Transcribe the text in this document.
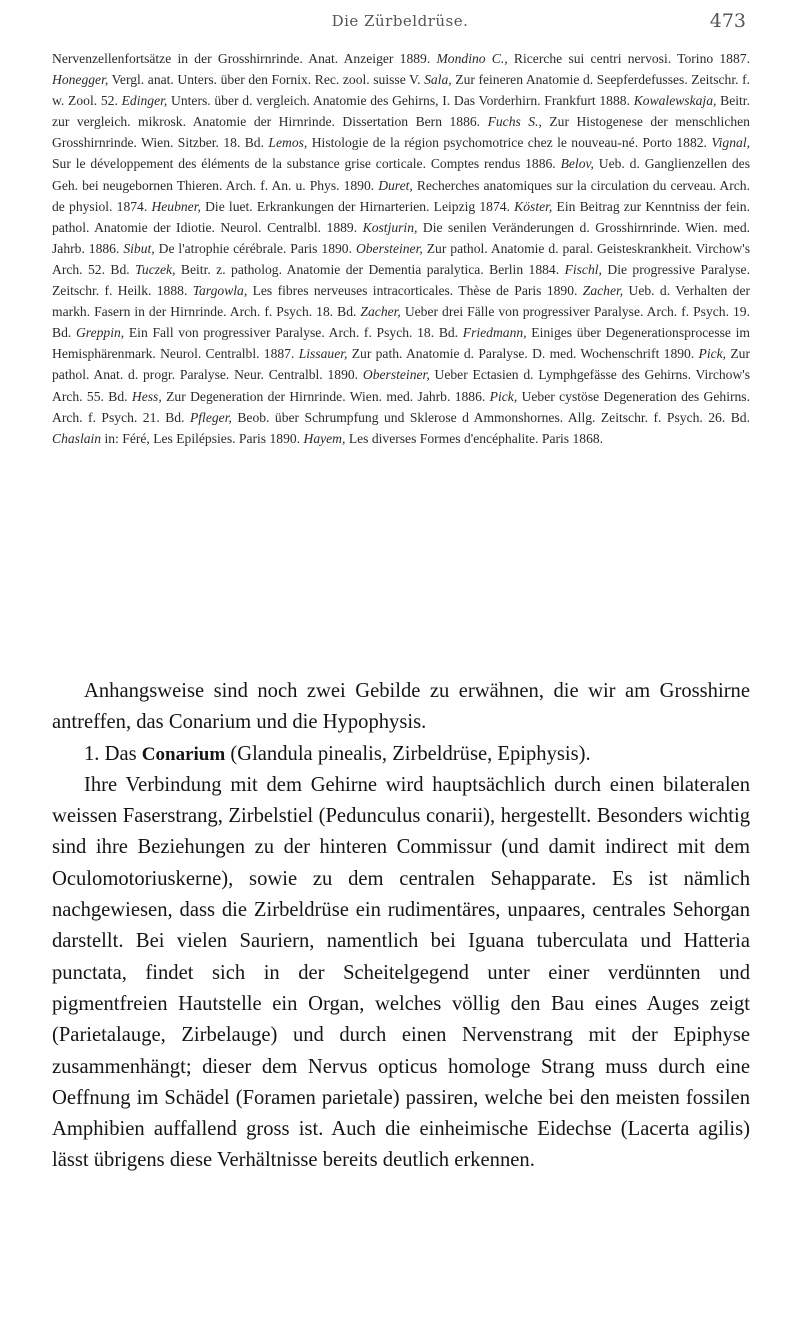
Die Zürbeldrüse.	473
Nervenzellenfortsätze in der Grosshirnrinde. Anat. Anzeiger 1889. Mondino C., Ricerche sui centri nervosi. Torino 1887. Honegger, Vergl. anat. Unters. über den Fornix. Rec. zool. suisse V. Sala, Zur feineren Anatomie d. Seepferdefusses. Zeitschr. f. w. Zool. 52. Edinger, Unters. über d. vergleich. Anatomie des Gehirns, I. Das Vorderhirn. Frankfurt 1888. Kowalewskaja, Beitr. zur vergleich. mikrosk. Anatomie der Hirnrinde. Dissertation Bern 1886. Fuchs S., Zur Histogenese der menschlichen Grosshirnrinde. Wien. Sitzber. 18. Bd. Lemos, Histologie de la région psychomotrice chez le nouveau-né. Porto 1882. Vignal, Sur le développement des éléments de la substance grise corticale. Comptes rendus 1886. Belov, Ueb. d. Ganglienzellen des Geh. bei neugebornen Thieren. Arch. f. An. u. Phys. 1890. Duret, Recherches anatomiques sur la circulation du cerveau. Arch. de physiol. 1874. Heubner, Die luet. Erkrankungen der Hirnarterien. Leipzig 1874. Köster, Ein Beitrag zur Kenntniss der fein. pathol. Anatomie der Idiotie. Neurol. Centralbl. 1889. Kostjurin, Die senilen Veränderungen d. Grosshirnrinde. Wien. med. Jahrb. 1886. Sibut, De l'atrophie cérébrale. Paris 1890. Obersteiner, Zur pathol. Anatomie d. paral. Geisteskrankheit. Virchow's Arch. 52. Bd. Tuczek, Beitr. z. patholog. Anatomie der Dementia paralytica. Berlin 1884. Fischl, Die progressive Paralyse. Zeitschr. f. Heilk. 1888. Targowla, Les fibres nerveuses intracorticales. Thèse de Paris 1890. Zacher, Ueb. d. Verhalten der markh. Fasern in der Hirnrinde. Arch. f. Psych. 18. Bd. Zacher, Ueber drei Fälle von progressiver Paralyse. Arch. f. Psych. 19. Bd. Greppin, Ein Fall von progressiver Paralyse. Arch. f. Psych. 18. Bd. Friedmann, Einiges über Degenerationsprocesse im Hemisphärenmark. Neurol. Centralbl. 1887. Lissauer, Zur path. Anatomie d. Paralyse. D. med. Wochenschrift 1890. Pick, Zur pathol. Anat. d. progr. Paralyse. Neur. Centralbl. 1890. Obersteiner, Ueber Ectasien d. Lymphgefässe des Gehirns. Virchow's Arch. 55. Bd. Hess, Zur Degeneration der Hirnrinde. Wien. med. Jahrb. 1886. Pick, Ueber cystöse Degeneration des Gehirns. Arch. f. Psych. 21. Bd. Pfleger, Beob. über Schrumpfung und Sklerose d Ammonshornes. Allg. Zeitschr. f. Psych. 26. Bd. Chaslain in: Féré, Les Epilépsies. Paris 1890. Hayem, Les diverses Formes d'encéphalite. Paris 1868.

Anhangsweise sind noch zwei Gebilde zu erwähnen, die wir am Grosshirne antreffen, das Conarium und die Hypophysis.

1. Das Conarium (Glandula pinealis, Zirbeldrüse, Epiphysis).

Ihre Verbindung mit dem Gehirne wird hauptsächlich durch einen bilateralen weissen Faserstrang, Zirbelstiel (Pedunculus conarii), hergestellt. Besonders wichtig sind ihre Beziehungen zu der hinteren Commissur (und damit indirect mit dem Oculomotoriuskerne), sowie zu dem centralen Sehapparate. Es ist nämlich nachgewiesen, dass die Zirbeldrüse ein rudimentäres, unpaares, centrales Sehorgan darstellt. Bei vielen Sauriern, namentlich bei Iguana tuberculata und Hatteria punctata, findet sich in der Scheitelgegend unter einer verdünnten und pigmentfreien Hautstelle ein Organ, welches völlig den Bau eines Auges zeigt (Parietalauge, Zirbelauge) und durch einen Nervenstrang mit der Epiphyse zusammenhängt; dieser dem Nervus opticus homologe Strang muss durch eine Oeffnung im Schädel (Foramen parietale) passiren, welche bei den meisten fossilen Amphibien auffallend gross ist. Auch die einheimische Eidechse (Lacerta agilis) lässt übrigens diese Verhältnisse bereits deutlich erkennen.
